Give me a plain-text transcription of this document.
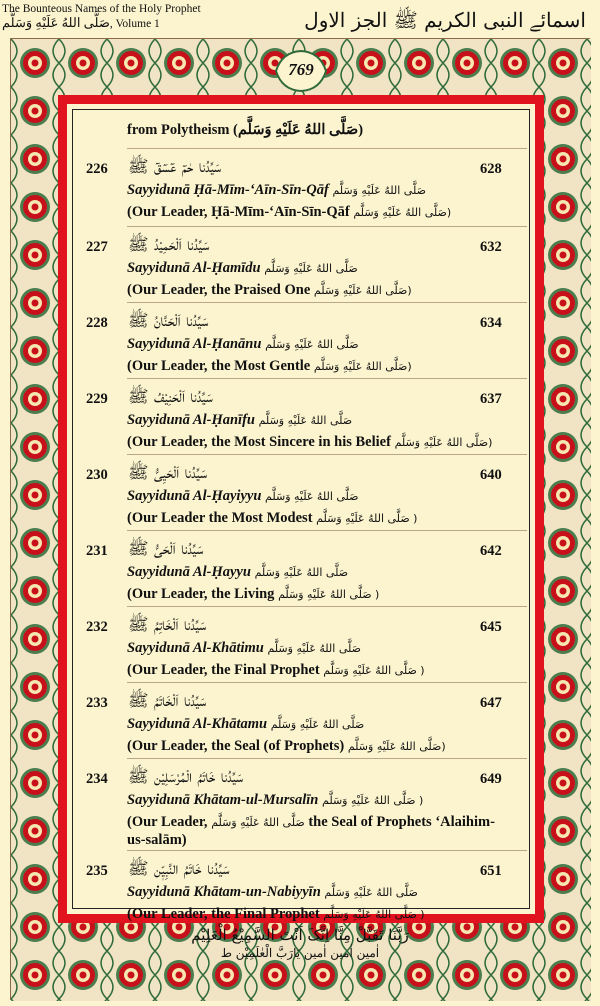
The Bounteous Names of the Holy Prophet
صَلَّى اللهُ عَلَيْهِ وَسَلَّم, Volume 1	اسمائے النبی الکریم ﷺ الجز الاول
769
from Polytheism (صَلَّى اللهُ عَلَيْهِ وَسَلَّم)
226 سَیِّدُنا حٰمٓ عٓسٓقٓ ﷺ	628
Sayyidunā Ḥā-Mīm-‘Aīn-Sīn-Qāf صَلَّى اللهُ عَلَيْهِ وَسَلَّم
(Our Leader, Ḥā-Mīm-‘Aīn-Sīn-Qāf صَلَّى اللهُ عَلَيْهِ وَسَلَّم)
227 سَیِّدُنا اَلْحَمِیْدُ ﷺ	632
Sayyidunā Al-Ḥamīdu صَلَّى اللهُ عَلَيْهِ وَسَلَّم
(Our Leader, the Praised One صَلَّى اللهُ عَلَيْهِ وَسَلَّم)
228 سَیِّدُنا اَلْحَنَّانُ ﷺ	634
Sayyidunā Al-Ḥanānu صَلَّى اللهُ عَلَيْهِ وَسَلَّم
(Our Leader, the Most Gentle صَلَّى اللهُ عَلَيْهِ وَسَلَّم)
229 سَیِّدُنا اَلْحَنِیْفُ ﷺ	637
Sayyidunā Al-Ḥanīfu صَلَّى اللهُ عَلَيْهِ وَسَلَّم
(Our Leader, the Most Sincere in his Belief صَلَّى اللهُ عَلَيْهِ وَسَلَّم)
230 سَیِّدُنا اَلْحَیِیُّ ﷺ	640
Sayyidunā Al-Ḥayiyyu صَلَّى اللهُ عَلَيْهِ وَسَلَّم
(Our Leader the Most Modest صَلَّى اللهُ عَلَيْهِ وَسَلَّم )
231 سَیِّدُنا اَلْحَیُّ ﷺ	642
Sayyidunā Al-Ḥayyu صَلَّى اللهُ عَلَيْهِ وَسَلَّم
(Our Leader, the Living صَلَّى اللهُ عَلَيْهِ وَسَلَّم )
232 سَیِّدُنا اَلْخَاتِمُ ﷺ	645
Sayyidunā Al-Khātimu صَلَّى اللهُ عَلَيْهِ وَسَلَّم
(Our Leader, the Final Prophet صَلَّى اللهُ عَلَيْهِ وَسَلَّم )
233 سَیِّدُنا اَلْخَاتَمُ ﷺ	647
Sayyidunā Al-Khātamu صَلَّى اللهُ عَلَيْهِ وَسَلَّم
(Our Leader, the Seal (of Prophets) صَلَّى اللهُ عَلَيْهِ وَسَلَّم)
234 سَیِّدُنا خَاتَمُ الْمُرْسَلِیْن ﷺ	649
Sayyidunā Khātam-ul-Mursalīn صَلَّى اللهُ عَلَيْهِ وَسَلَّم )
(Our Leader, صَلَّى اللهُ عَلَيْهِ وَسَلَّم the Seal of Prophets ‘Alaihim-
us-salām)
235 سَیِّدُنا خَاتَمُ النَّبِیّٖن ﷺ	651
Sayyidunā Khātam-un-Nabiyyīn صَلَّى اللهُ عَلَيْهِ وَسَلَّم
(Our Leader, the Final Prophet صَلَّى اللهُ عَلَيْهِ وَسَلَّم )
رَبَّنَا تَقَبَّلْ مِنَّا اِنَّکَ اَنْتَ السَّمِیْعُ الْعَلِیْم
اٰمین اٰمین اٰمین یَارَبَّ الْعٰلَمِیْن ط
